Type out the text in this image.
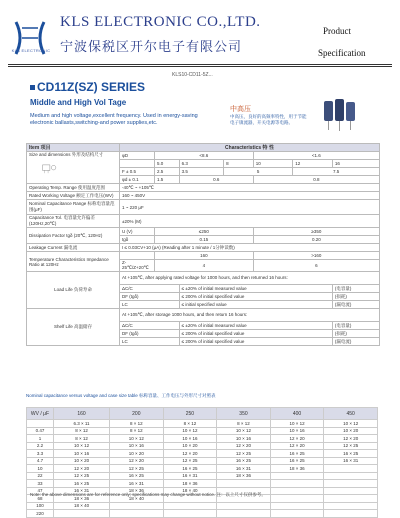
KLS ELECTRONIC
KLS ELECTRONIC CO.,LTD.
宁波保税区开尔电子有限公司
Product
Specification
KLS10-CD11-5Z...
CD11Z(SZ) SERIES
Middle and High Vol Tage
Medium and high voltage,excellent frequency. Used in energy-saving electronic ballasts,switching-and power supplies,etc.
中高压
中高压，良好的高频率特性，用于节能电子镇流器，开关电源等电路。
Item 项目	Characteristics 特 性						
Size and dimensions 外形及结构尺寸	φD	<8.6			<1.6		
		5.0	6.3	8	10	12	16
	F ± 0.5	2.5	3.5	5		7.5	
	φd ± 0.1	1.5	0.6		0.8		
Operating Temp. Range 使用温度范围	-40℃ ~ +105℃						
Rated Working Voltage 额定工作电压(WV)	160 ~ 450V						
Nominal Capacitance Range 标称电容量范围(μF)	1 ~ 220 μF						
Capacitance Tol. 电容量允许偏差(120Hz,20℃)	±20% (M)						
Dissipation Factor tgδ (20℃, 120Hz)	U (V)	≤250			≥350		
	tgδ	0.15			0.20		
Leakage Current 漏电流	I ≤ 0.03CV+10 (μA) (Reading after 1 minute / 1分钟读数)						
Temperature Characteristics Impedance Ratio at 120Hz		160			>160		
	Z-25℃/Z+20℃	4			6		
Load Life 负荷寿命	At +105℃, after applying rated voltage for 1000 hours, and then returned 16 hours:						
	ΔC/C		≤ ±20% of initial measured value				(电容量)
	DF (tgδ)		≤ 200% of initial specified value				(损耗)
	LC		≤ initial specified value				(漏电流)
Shelf Life 高温储存	At +105℃, after storage 1000 hours, and then return 16 hours:						
	ΔC/C		≤ ±20% of initial measured value				(电容量)
	DF (tgδ)		≤ 200% of initial specified value				(损耗)
	LC		≤ 200% of initial specified value				(漏电流)
Nominal capacitance versus voltage and case size table 标称容量、工作电压与外形尺寸对照表
WV / μF	160	200	250	350	400	450
	6.3 × 11	8 × 12	8 × 12	8 × 12	10 × 12	10 × 12
0.47	8 × 12	8 × 12	10 × 12	10 × 12	10 × 16	10 × 20
1	8 × 12	10 × 12	10 × 16	10 × 16	12 × 20	12 × 20
2.2	10 × 12	10 × 16	10 × 20	12 × 20	12 × 20	12 × 25
3.3	10 × 16	10 × 20	12 × 20	12 × 25	16 × 25	16 × 25
4.7	10 × 20	12 × 20	12 × 25	16 × 25	16 × 25	16 × 31
10	12 × 20	12 × 25	16 × 25	16 × 31	18 × 36	
22	12 × 25	16 × 25	16 × 31	18 × 36		
33	16 × 25	16 × 31	18 × 36			
47	16 × 31	18 × 36	18 × 40			
68	18 × 36	18 × 40				
100	18 × 40					
220						
Note: the above dimensions are for reference only; specifications may change without notice. 注：以上尺寸仅供参考。
